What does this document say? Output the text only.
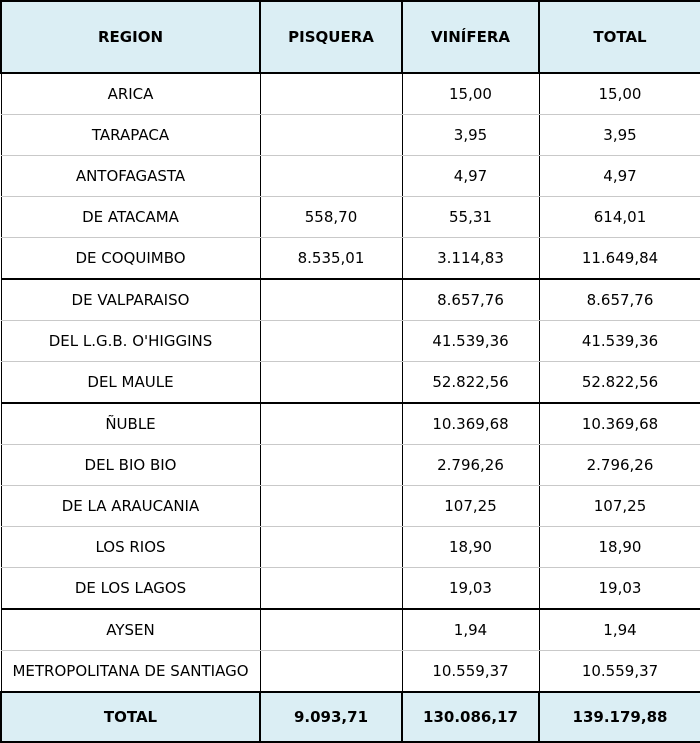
REGION	PISQUERA	VINÍFERA	TOTAL
ARICA		15,00	15,00
TARAPACA		3,95	3,95
ANTOFAGASTA		4,97	4,97
DE ATACAMA	558,70	55,31	614,01
DE COQUIMBO	8.535,01	3.114,83	11.649,84
DE VALPARAISO		8.657,76	8.657,76
DEL L.G.B. O'HIGGINS		41.539,36	41.539,36
DEL MAULE		52.822,56	52.822,56
ÑUBLE		10.369,68	10.369,68
DEL BIO BIO		2.796,26	2.796,26
DE LA ARAUCANIA		107,25	107,25
LOS RIOS		18,90	18,90
DE LOS LAGOS		19,03	19,03
AYSEN		1,94	1,94
METROPOLITANA DE SANTIAGO		10.559,37	10.559,37
TOTAL	9.093,71	130.086,17	139.179,88
